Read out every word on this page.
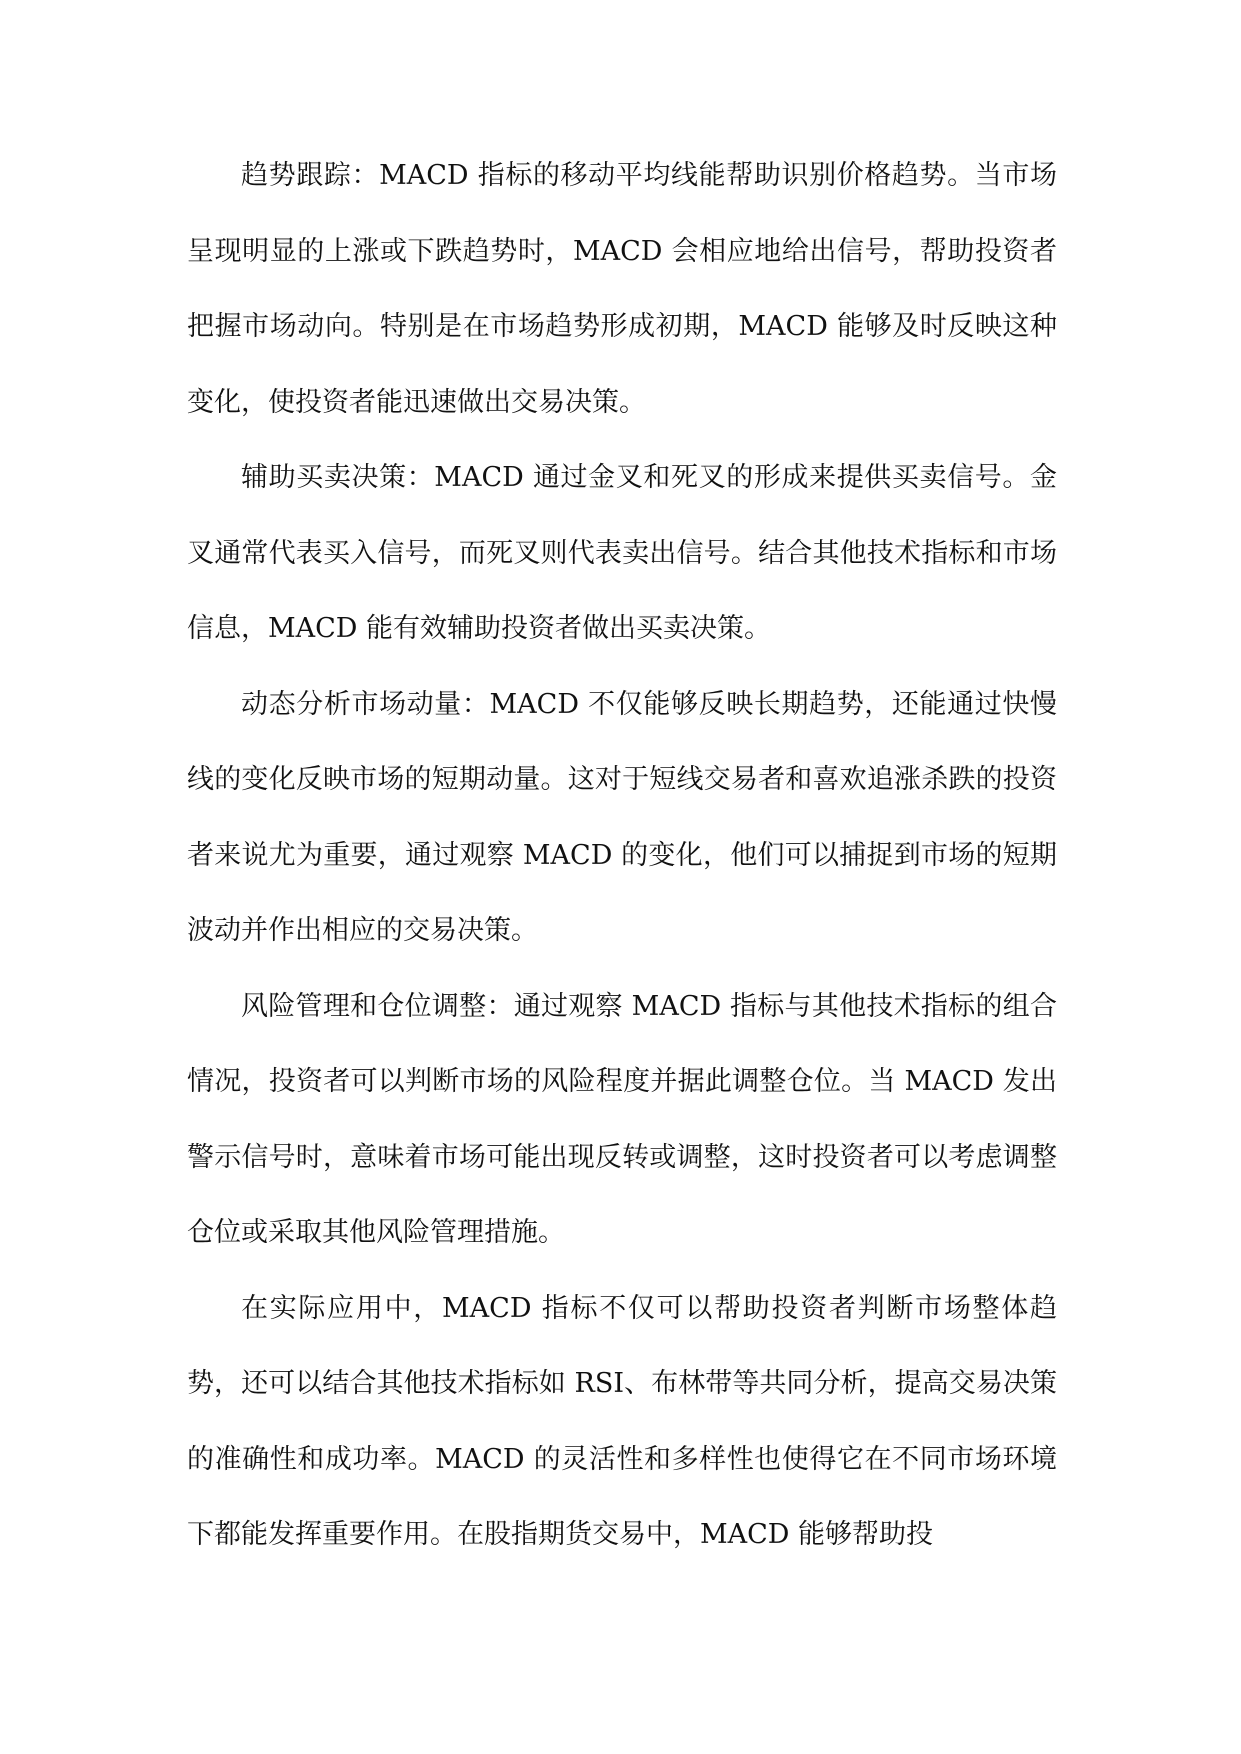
趋势跟踪：MACD 指标的移动平均线能帮助识别价格趋势。当市场呈现明显的上涨或下跌趋势时，MACD 会相应地给出信号，帮助投资者把握市场动向。特别是在市场趋势形成初期，MACD 能够及时反映这种变化，使投资者能迅速做出交易决策。

辅助买卖决策：MACD 通过金叉和死叉的形成来提供买卖信号。金叉通常代表买入信号，而死叉则代表卖出信号。结合其他技术指标和市场信息，MACD 能有效辅助投资者做出买卖决策。

动态分析市场动量：MACD 不仅能够反映长期趋势，还能通过快慢线的变化反映市场的短期动量。这对于短线交易者和喜欢追涨杀跌的投资者来说尤为重要，通过观察 MACD 的变化，他们可以捕捉到市场的短期波动并作出相应的交易决策。

风险管理和仓位调整：通过观察 MACD 指标与其他技术指标的组合情况，投资者可以判断市场的风险程度并据此调整仓位。当 MACD 发出警示信号时，意味着市场可能出现反转或调整，这时投资者可以考虑调整仓位或采取其他风险管理措施。

在实际应用中，MACD 指标不仅可以帮助投资者判断市场整体趋势，还可以结合其他技术指标如 RSI、布林带等共同分析，提高交易决策的准确性和成功率。MACD 的灵活性和多样性也使得它在不同市场环境下都能发挥重要作用。在股指期货交易中，MACD 能够帮助投
